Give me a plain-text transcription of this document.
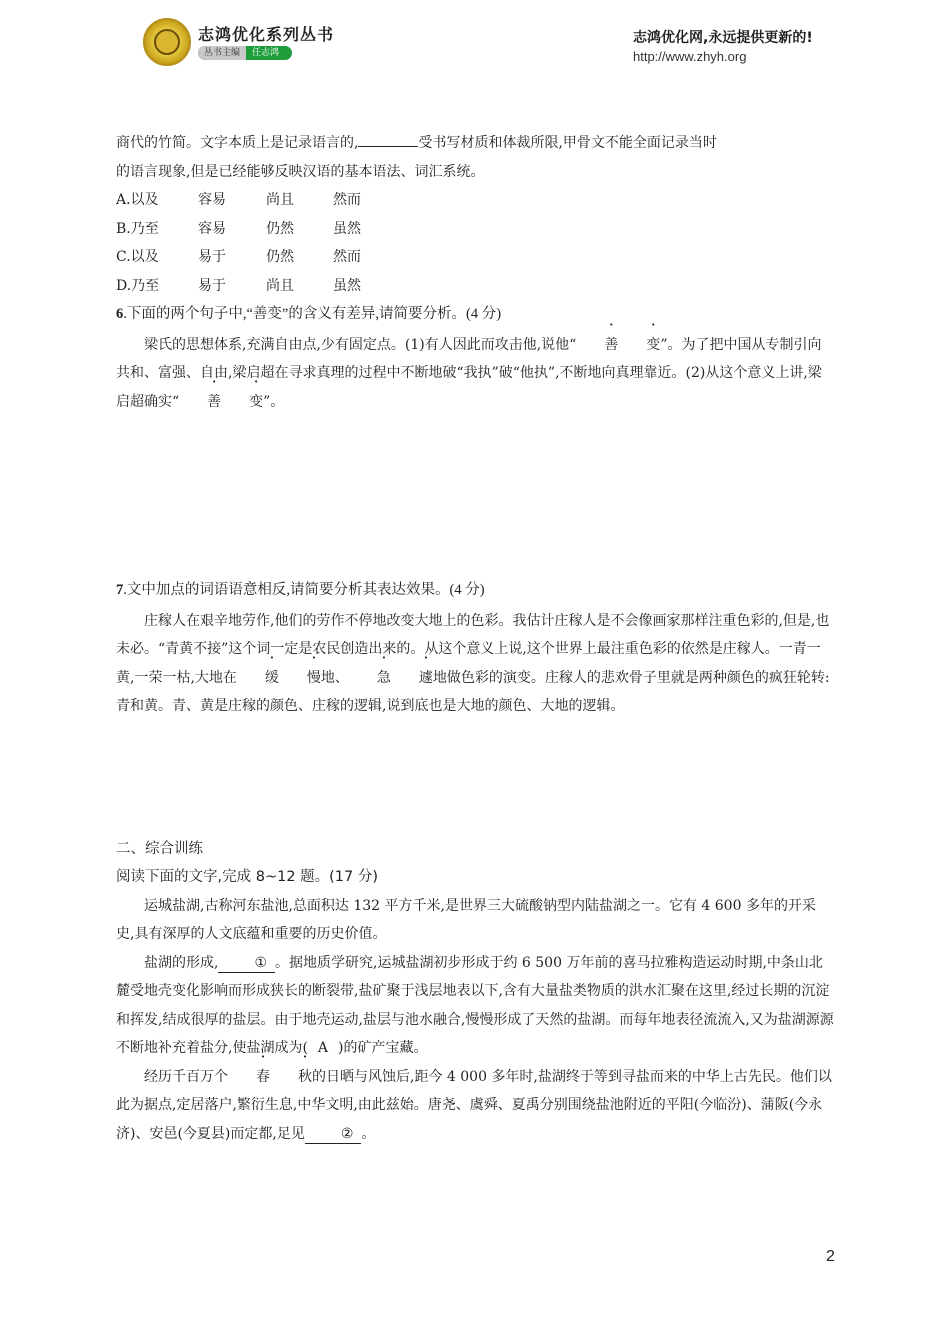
志鸿优化系列丛书
丛书主编	任志鸿
志鸿优化网,永远提供更新的!
http://www.zhyh.org

商代的竹简。文字本质上是记录语言的,	受书写材质和体裁所限,甲骨文不能全面记录当时

的语言现象,但是已经能够反映汉语的基本语法、词汇系统。

A.以及	容易	尚且	然而
B.乃至	容易	仍然	虽然
C.以及	易于	仍然	然而
D.乃至	易于	尚且	虽然

6.下面的两个句子中,“善变”的含义有差异,请简要分析。(4 分)

梁氏的思想体系,充满自由点,少有固定点。(1)有人因此而攻击他,说他“ 善 变”。为了把中国从专制引向共和、富强、自由,梁启超在寻求真理的过程中不断地破“我执”破“他执”,不断地向真理靠近。(2)从这个意义上讲,梁启超确实“ 善 变”。

7.文中加点的词语语意相反,请简要分析其表达效果。(4 分)

庄稼人在艰辛地劳作,他们的劳作不停地改变大地上的色彩。我估计庄稼人是不会像画家那样注重色彩的,但是,也未必。“青黄不接”这个词一定是农民创造出来的。从这个意义上说,这个世界上最注重色彩的依然是庄稼人。一青一黄,一荣一枯,大地在 缓 慢地、 急 遽地做色彩的演变。庄稼人的悲欢骨子里就是两种颜色的疯狂轮转:青和黄。青、黄是庄稼的颜色、庄稼的逻辑,说到底也是大地的颜色、大地的逻辑。

二、综合训练

阅读下面的文字,完成 8~12 题。(17 分)

运城盐湖,古称河东盐池,总面积达 132 平方千米,是世界三大硫酸钠型内陆盐湖之一。它有 4 600 多年的开采史,具有深厚的人文底蕴和重要的历史价值。

盐湖的形成,	① 。据地质学研究,运城盐湖初步形成于约 6 500 万年前的喜马拉雅构造运动时期,中条山北麓受地壳变化影响而形成狭长的断裂带,盐矿聚于浅层地表以下,含有大量盐类物质的洪水汇聚在这里,经过长期的沉淀和挥发,结成很厚的盐层。由于地壳运动,盐层与池水融合,慢慢形成了天然的盐湖。而每年地表径流流入,又为盐湖源源不断地补充着盐分,使盐湖成为( A )的矿产宝藏。

经历千百万个 春 秋的日晒与风蚀后,距今 4 000 多年时,盐湖终于等到寻盐而来的中华上古先民。他们以此为据点,定居落户,繁衍生息,中华文明,由此兹始。唐尧、虞舜、夏禹分别围绕盐池附近的平阳(今临汾)、蒲阪(今永济)、安邑(今夏县)而定都,足见	② 。

2
